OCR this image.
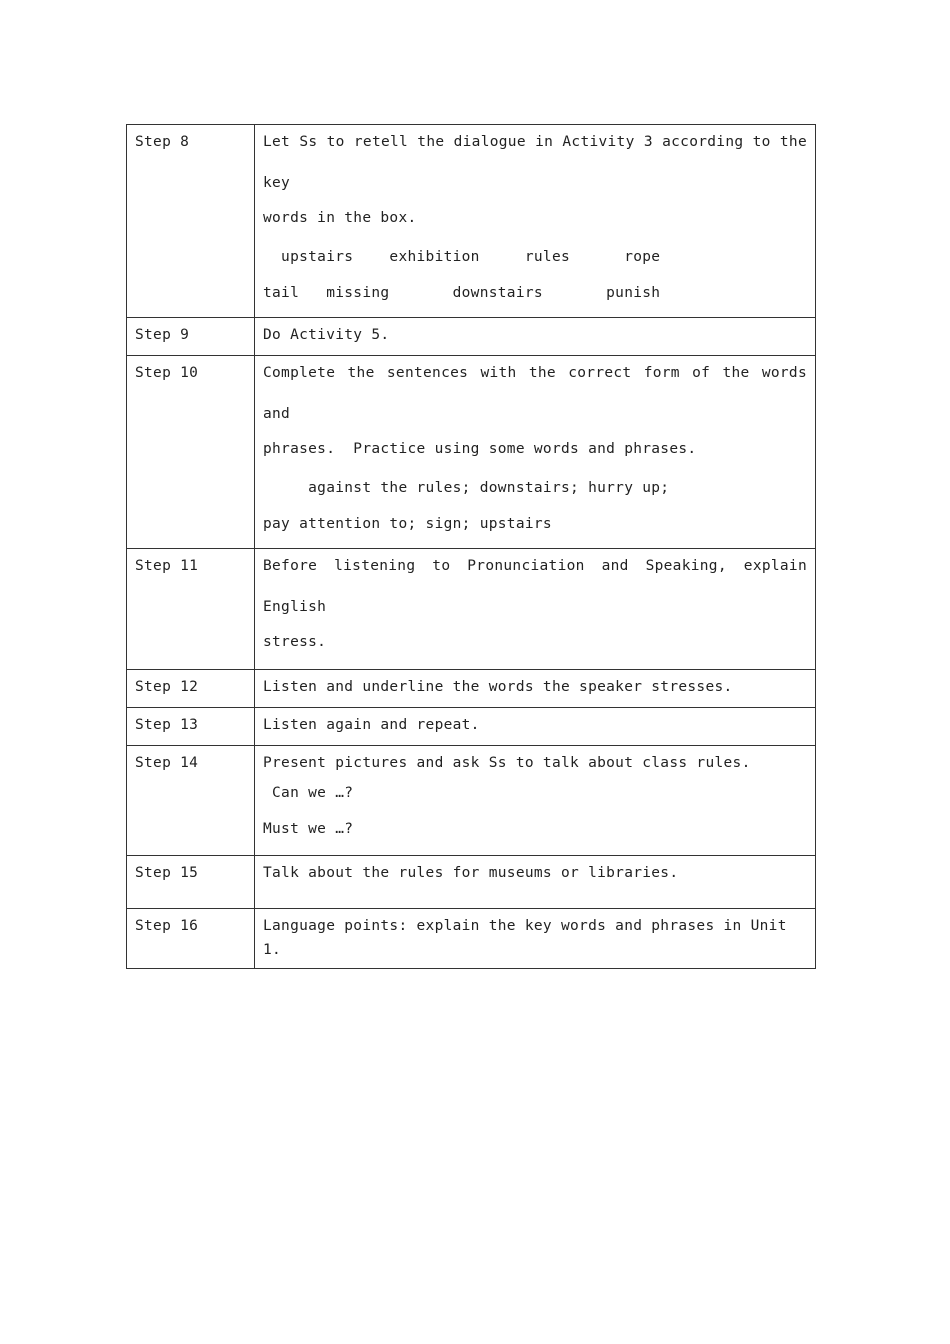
Step 8	Let Ss to retell the dialogue in Activity 3 according to the key
words in the box.
upstairs    exhibition     rules      rope
tail   missing       downstairs       punish

Step 9	Do Activity 5.

Step 10	Complete the sentences with the correct form of the words and
phrases.  Practice using some words and phrases.
against the rules; downstairs; hurry up;
pay attention to; sign; upstairs

Step 11	Before listening to Pronunciation and Speaking, explain English
stress.

Step 12	Listen and underline the words the speaker stresses.

Step 13	Listen again and repeat.

Step 14	Present pictures and ask Ss to talk about class rules.
Can we …?
Must we …?

Step 15	Talk about the rules for museums or libraries.

Step 16	Language points: explain the key words and phrases in Unit 1.
